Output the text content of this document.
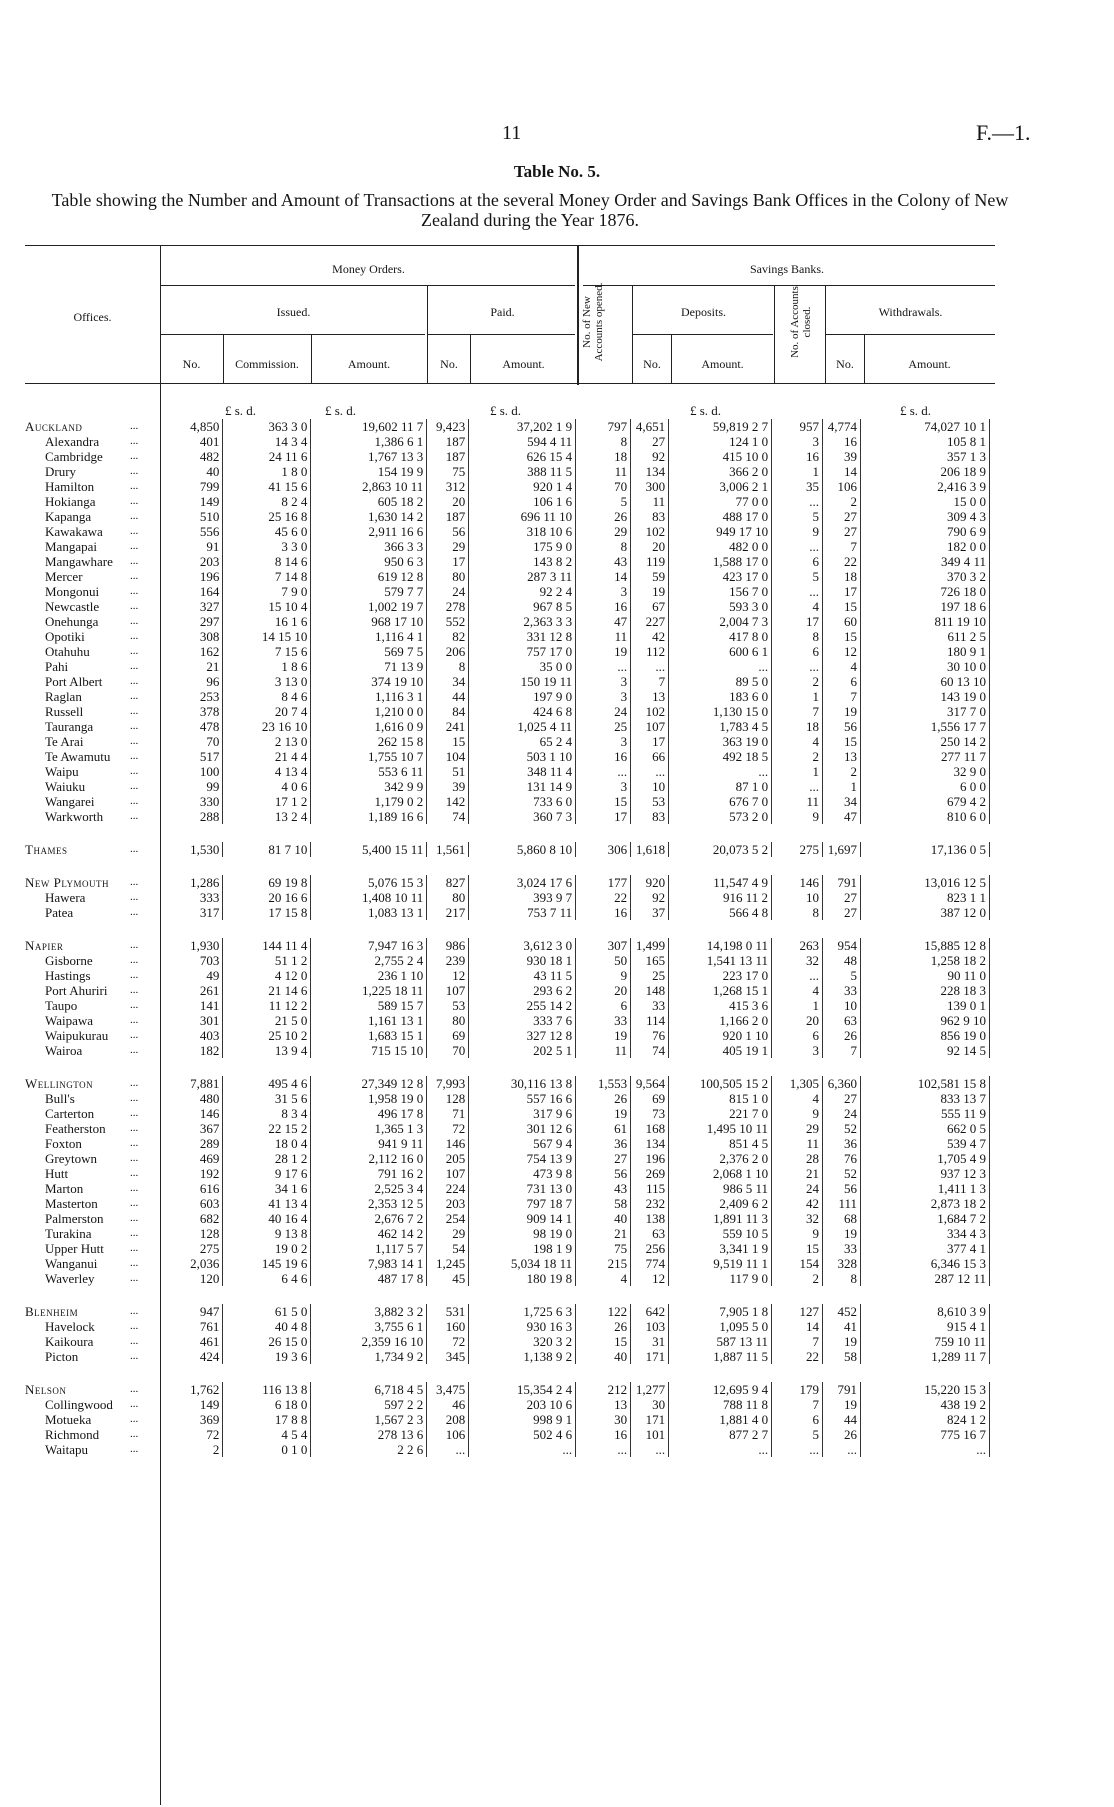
11	F.—1.
Table No. 5.
Table showing the Number and Amount of Transactions at the several Money Order and Savings Bank Offices in the Colony of New Zealand during the Year 1876.
Money Orders.	Savings Banks.
Offices.	Issued.	Paid.	No. of New Accounts opened.	Deposits.	No. of Accounts closed.	Withdrawals.
No.	Commission.	Amount.	No.	Amount.	No.	Amount.	No.	Amount.
£ s. d.	£ s. d.	£ s. d.	£ s. d.	£ s. d.
Auckland	...	4,850	363 3 0	19,602 11 7	9,423	37,202 1 9	797	4,651	59,819 2 7	957	4,774	74,027 10 1
Alexandra	...	401	14 3 4	1,386 6 1	187	594 4 11	8	27	124 1 0	3	16	105 8 1
Cambridge	...	482	24 11 6	1,767 13 3	187	626 15 4	18	92	415 10 0	16	39	357 1 3
Drury	...	40	1 8 0	154 19 9	75	388 11 5	11	134	366 2 0	1	14	206 18 9
Hamilton	...	799	41 15 6	2,863 10 11	312	920 1 4	70	300	3,006 2 1	35	106	2,416 3 9
Hokianga	...	149	8 2 4	605 18 2	20	106 1 6	5	11	77 0 0	...	2	15 0 0
Kapanga	...	510	25 16 8	1,630 14 2	187	696 11 10	26	83	488 17 0	5	27	309 4 3
Kawakawa	...	556	45 6 0	2,911 16 6	56	318 10 6	29	102	949 17 10	9	27	790 6 9
Mangapai	...	91	3 3 0	366 3 3	29	175 9 0	8	20	482 0 0	...	7	182 0 0
Mangawhare	...	203	8 14 6	950 6 3	17	143 8 2	43	119	1,588 17 0	6	22	349 4 11
Mercer	...	196	7 14 8	619 12 8	80	287 3 11	14	59	423 17 0	5	18	370 3 2
Mongonui	...	164	7 9 0	579 7 7	24	92 2 4	3	19	156 7 0	...	17	726 18 0
Newcastle	...	327	15 10 4	1,002 19 7	278	967 8 5	16	67	593 3 0	4	15	197 18 6
Onehunga	...	297	16 1 6	968 17 10	552	2,363 3 3	47	227	2,004 7 3	17	60	811 19 10
Opotiki	...	308	14 15 10	1,116 4 1	82	331 12 8	11	42	417 8 0	8	15	611 2 5
Otahuhu	...	162	7 15 6	569 7 5	206	757 17 0	19	112	600 6 1	6	12	180 9 1
Pahi	...	21	1 8 6	71 13 9	8	35 0 0	...	...	...	...	4	30 10 0
Port Albert	...	96	3 13 0	374 19 10	34	150 19 11	3	7	89 5 0	2	6	60 13 10
Raglan	...	253	8 4 6	1,116 3 1	44	197 9 0	3	13	183 6 0	1	7	143 19 0
Russell	...	378	20 7 4	1,210 0 0	84	424 6 8	24	102	1,130 15 0	7	19	317 7 0
Tauranga	...	478	23 16 10	1,616 0 9	241	1,025 4 11	25	107	1,783 4 5	18	56	1,556 17 7
Te Arai	...	70	2 13 0	262 15 8	15	65 2 4	3	17	363 19 0	4	15	250 14 2
Te Awamutu	...	517	21 4 4	1,755 10 7	104	503 1 10	16	66	492 18 5	2	13	277 11 7
Waipu	...	100	4 13 4	553 6 11	51	348 11 4	...	...	...	1	2	32 9 0
Waiuku	...	99	4 0 6	342 9 9	39	131 14 9	3	10	87 1 0	...	1	6 0 0
Wangarei	...	330	17 1 2	1,179 0 2	142	733 6 0	15	53	676 7 0	11	34	679 4 2
Warkworth	...	288	13 2 4	1,189 16 6	74	360 7 3	17	83	573 2 0	9	47	810 6 0

Thames	...	1,530	81 7 10	5,400 15 11	1,561	5,860 8 10	306	1,618	20,073 5 2	275	1,697	17,136 0 5

New Plymouth	...	1,286	69 19 8	5,076 15 3	827	3,024 17 6	177	920	11,547 4 9	146	791	13,016 12 5
Hawera	...	333	20 16 6	1,408 10 11	80	393 9 7	22	92	916 11 2	10	27	823 1 1
Patea	...	317	17 15 8	1,083 13 1	217	753 7 11	16	37	566 4 8	8	27	387 12 0

Napier	...	1,930	144 11 4	7,947 16 3	986	3,612 3 0	307	1,499	14,198 0 11	263	954	15,885 12 8
Gisborne	...	703	51 1 2	2,755 2 4	239	930 18 1	50	165	1,541 13 11	32	48	1,258 18 2
Hastings	...	49	4 12 0	236 1 10	12	43 11 5	9	25	223 17 0	...	5	90 11 0
Port Ahuriri	...	261	21 14 6	1,225 18 11	107	293 6 2	20	148	1,268 15 1	4	33	228 18 3
Taupo	...	141	11 12 2	589 15 7	53	255 14 2	6	33	415 3 6	1	10	139 0 1
Waipawa	...	301	21 5 0	1,161 13 1	80	333 7 6	33	114	1,166 2 0	20	63	962 9 10
Waipukurau	...	403	25 10 2	1,683 15 1	69	327 12 8	19	76	920 1 10	6	26	856 19 0
Wairoa	...	182	13 9 4	715 15 10	70	202 5 1	11	74	405 19 1	3	7	92 14 5

Wellington	...	7,881	495 4 6	27,349 12 8	7,993	30,116 13 8	1,553	9,564	100,505 15 2	1,305	6,360	102,581 15 8
Bull's	...	480	31 5 6	1,958 19 0	128	557 16 6	26	69	815 1 0	4	27	833 13 7
Carterton	...	146	8 3 4	496 17 8	71	317 9 6	19	73	221 7 0	9	24	555 11 9
Featherston	...	367	22 15 2	1,365 1 3	72	301 12 6	61	168	1,495 10 11	29	52	662 0 5
Foxton	...	289	18 0 4	941 9 11	146	567 9 4	36	134	851 4 5	11	36	539 4 7
Greytown	...	469	28 1 2	2,112 16 0	205	754 13 9	27	196	2,376 2 0	28	76	1,705 4 9
Hutt	...	192	9 17 6	791 16 2	107	473 9 8	56	269	2,068 1 10	21	52	937 12 3
Marton	...	616	34 1 6	2,525 3 4	224	731 13 0	43	115	986 5 11	24	56	1,411 1 3
Masterton	...	603	41 13 4	2,353 12 5	203	797 18 7	58	232	2,409 6 2	42	111	2,873 18 2
Palmerston	...	682	40 16 4	2,676 7 2	254	909 14 1	40	138	1,891 11 3	32	68	1,684 7 2
Turakina	...	128	9 13 8	462 14 2	29	98 19 0	21	63	559 10 5	9	19	334 4 3
Upper Hutt	...	275	19 0 2	1,117 5 7	54	198 1 9	75	256	3,341 1 9	15	33	377 4 1
Wanganui	...	2,036	145 19 6	7,983 14 1	1,245	5,034 18 11	215	774	9,519 11 1	154	328	6,346 15 3
Waverley	...	120	6 4 6	487 17 8	45	180 19 8	4	12	117 9 0	2	8	287 12 11

Blenheim	...	947	61 5 0	3,882 3 2	531	1,725 6 3	122	642	7,905 1 8	127	452	8,610 3 9
Havelock	...	761	40 4 8	3,755 6 1	160	930 16 3	26	103	1,095 5 0	14	41	915 4 1
Kaikoura	...	461	26 15 0	2,359 16 10	72	320 3 2	15	31	587 13 11	7	19	759 10 11
Picton	...	424	19 3 6	1,734 9 2	345	1,138 9 2	40	171	1,887 11 5	22	58	1,289 11 7

Nelson	...	1,762	116 13 8	6,718 4 5	3,475	15,354 2 4	212	1,277	12,695 9 4	179	791	15,220 15 3
Collingwood	...	149	6 18 0	597 2 2	46	203 10 6	13	30	788 11 8	7	19	438 19 2
Motueka	...	369	17 8 8	1,567 2 3	208	998 9 1	30	171	1,881 4 0	6	44	824 1 2
Richmond	...	72	4 5 4	278 13 6	106	502 4 6	16	101	877 2 7	5	26	775 16 7
Waitapu	...	2	0 1 0	2 2 6	...	...	...	...	...	...	...	...
